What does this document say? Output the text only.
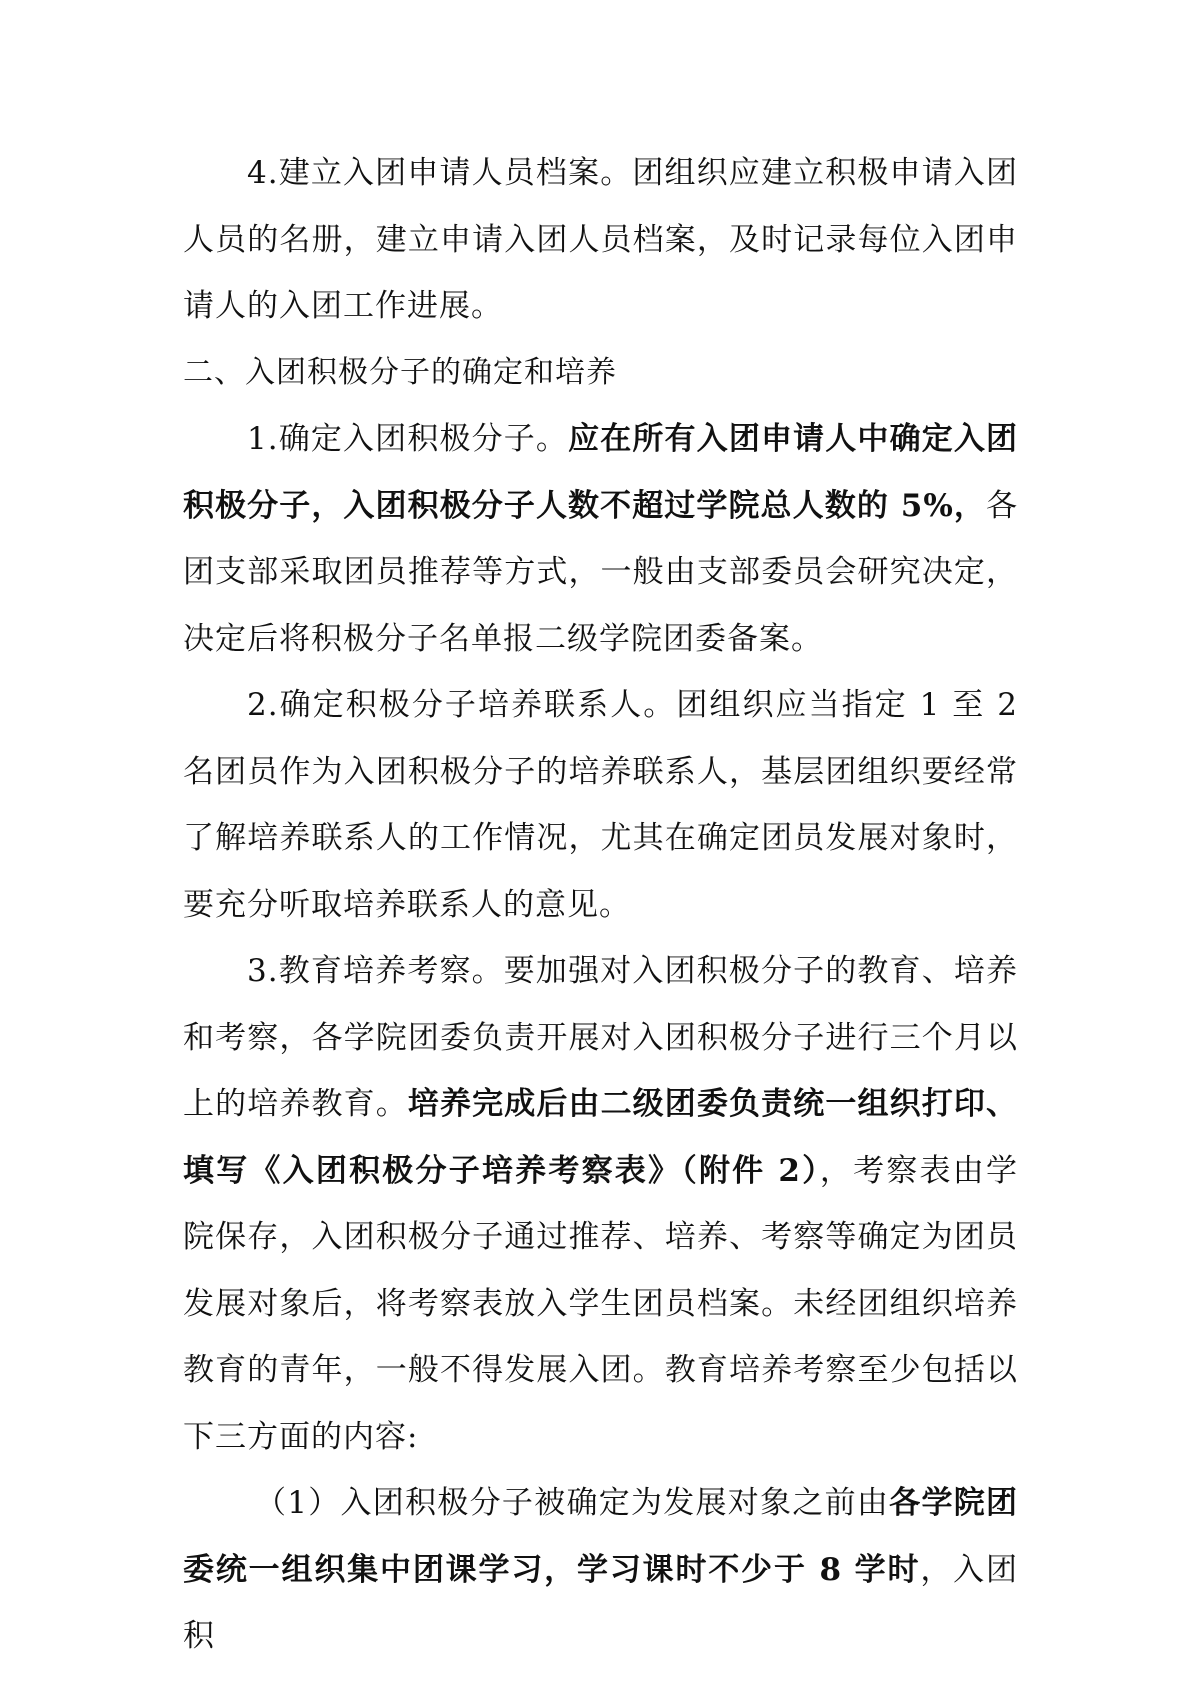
4.建立入团申请人员档案。团组织应建立积极申请入团人员的名册，建立申请入团人员档案，及时记录每位入团申请人的入团工作进展。

二、入团积极分子的确定和培养

1.确定入团积极分子。应在所有入团申请人中确定入团积极分子，入团积极分子人数不超过学院总人数的 5%，各团支部采取团员推荐等方式，一般由支部委员会研究决定，决定后将积极分子名单报二级学院团委备案。

2.确定积极分子培养联系人。团组织应当指定 1 至 2 名团员作为入团积极分子的培养联系人，基层团组织要经常了解培养联系人的工作情况，尤其在确定团员发展对象时，要充分听取培养联系人的意见。

3.教育培养考察。要加强对入团积极分子的教育、培养和考察，各学院团委负责开展对入团积极分子进行三个月以上的培养教育。培养完成后由二级团委负责统一组织打印、填写《入团积极分子培养考察表》（附件 2），考察表由学院保存，入团积极分子通过推荐、培养、考察等确定为团员发展对象后，将考察表放入学生团员档案。未经团组织培养教育的青年，一般不得发展入团。教育培养考察至少包括以下三方面的内容:

（1）入团积极分子被确定为发展对象之前由各学院团委统一组织集中团课学习，学习课时不少于 8 学时，入团积
